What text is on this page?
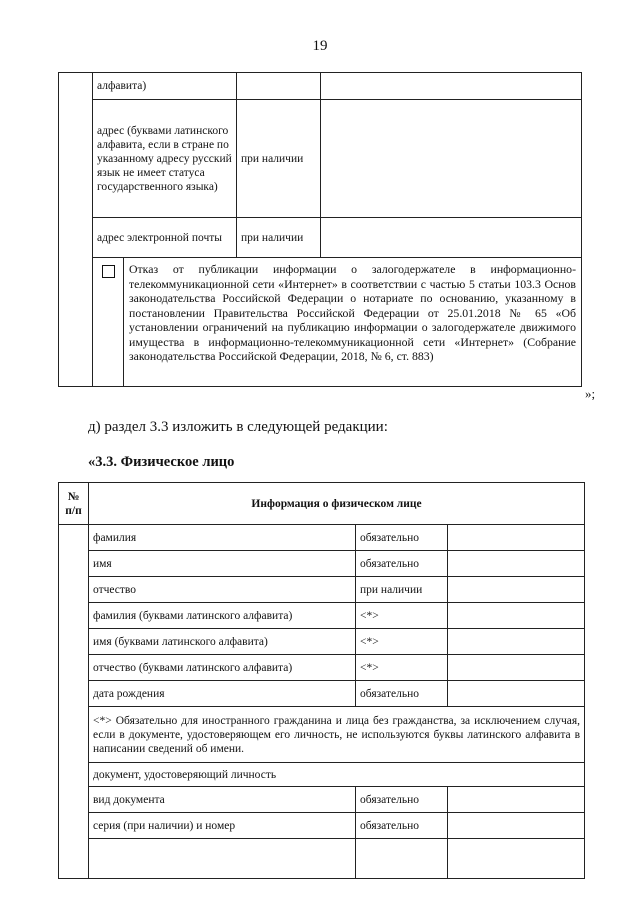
19
	алфавита)		
	адрес (буквами латинского алфавита, если в стране по указанному адресу русский язык не имеет статуса государственного языка)	при наличии	
	адрес электронной почты	при наличии	

	Отказ от публикации информации о залогодержателе в информационно-телекоммуникационной сети «Интернет» в соответствии с частью 5 статьи 103.3 Основ законодательства Российской Федерации о нотариате по основанию, указанному в постановлении Правительства Российской Федерации от 25.01.2018 № 65 «Об установлении ограничений на публикацию информации о залогодержателе движимого имущества в информационно-телекоммуникационной сети «Интернет» (Собрание законодательства Российской Федерации, 2018, № 6, ст. 883)		
»;
д) раздел 3.3 изложить в следующей редакции:
«3.3. Физическое лицо
№ п/п	Информация о физическом лице		
	фамилия	обязательно	
	имя	обязательно	
	отчество	при наличии	
	фамилия (буквами латинского алфавита)	<*>	
	имя (буквами латинского алфавита)	<*>	
	отчество (буквами латинского алфавита)	<*>	
	дата рождения	обязательно	
	<*> Обязательно для иностранного гражданина и лица без гражданства, за исключением случая, если в документе, удостоверяющем его личность, не используются буквы латинского алфавита в написании сведений об имени.		
	документ, удостоверяющий личность		
	вид документа	обязательно	
	серия (при наличии) и номер	обязательно	
